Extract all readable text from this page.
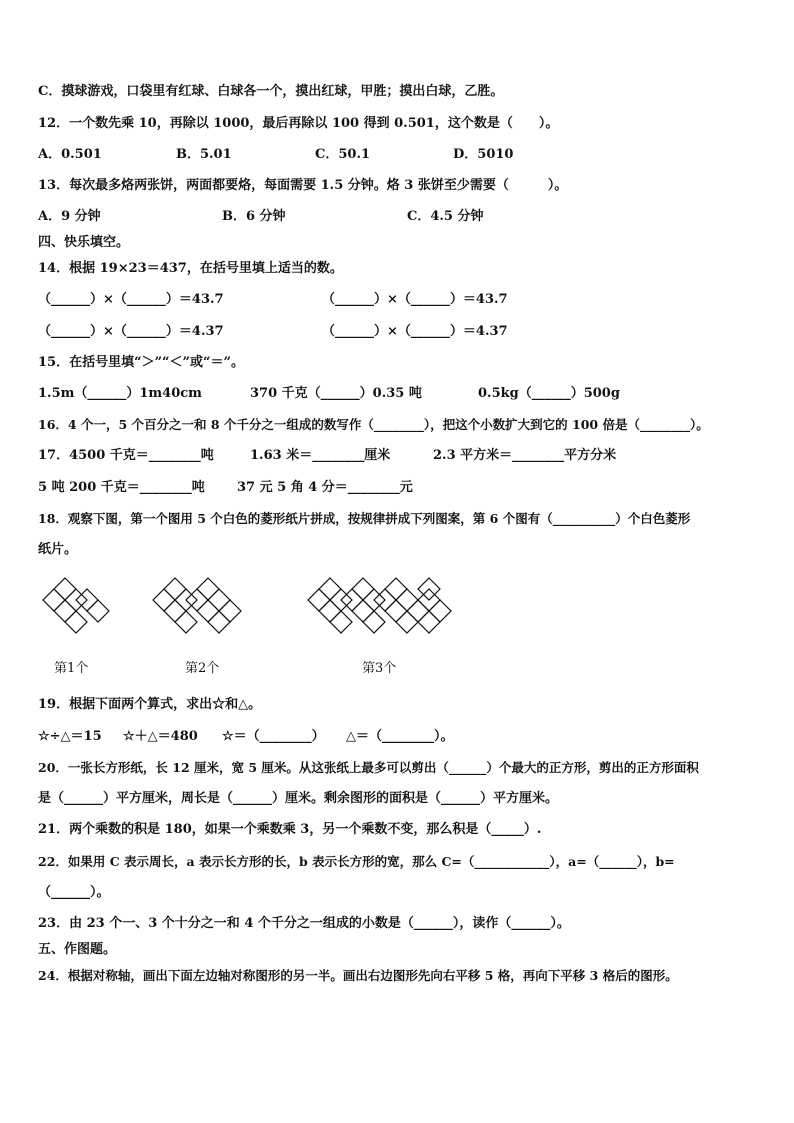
C．摸球游戏，口袋里有红球、白球各一个，摸出红球，甲胜；摸出白球，乙胜。
12．一个数先乘 10，再除以 1000，最后再除以 100 得到 0.501，这个数是（　　）。
A．0.501	B．5.01	C．50.1	D．5010
13．每次最多烙两张饼，两面都要烙，每面需要 1.5 分钟。烙 3 张饼至少需要（　　　）。
A．9 分钟	B．6 分钟	C．4.5 分钟
四、快乐填空。
14．根据 19×23＝437，在括号里填上适当的数。
（______）×（______）＝43.7	（______）×（______）＝43.7
（______）×（______）＝4.37	（______）×（______）＝4.37
15．在括号里填“＞”“＜”或“＝”。
1.5m（______）1m40cm	370 千克（______）0.35 吨	0.5kg（______）500g
16．4 个一，5 个百分之一和 8 个千分之一组成的数写作（________），把这个小数扩大到它的 100 倍是（________）。
17．4500 千克＝________吨	1.63 米＝________厘米	2.3 平方米＝________平方分米
5 吨 200 千克＝________吨 37 元 5 角 4 分＝________元
18．观察下图，第一个图用 5 个白色的菱形纸片拼成，按规律拼成下列图案，第 6 个图有（__________）个白色菱形
纸片。
第1个	第2个	第3个
19．根据下面两个算式，求出☆和△。
☆÷△＝15 ☆＋△＝480 ☆＝（________） △＝（________）。
20．一张长方形纸，长 12 厘米，宽 5 厘米。从这张纸上最多可以剪出（______）个最大的正方形，剪出的正方形面积
是（______）平方厘米，周长是（______）厘米。剩余图形的面积是（______）平方厘米。
21．两个乘数的积是 180，如果一个乘数乘 3，另一个乘数不变，那么积是（_____）.
22．如果用 C 表示周长，a 表示长方形的长，b 表示长方形的宽，那么 C=（____________），a=（______），b=
（______）。
23．由 23 个一、3 个十分之一和 4 个千分之一组成的小数是（______），读作（______）。
五、作图题。
24．根据对称轴，画出下面左边轴对称图形的另一半。画出右边图形先向右平移 5 格，再向下平移 3 格后的图形。
